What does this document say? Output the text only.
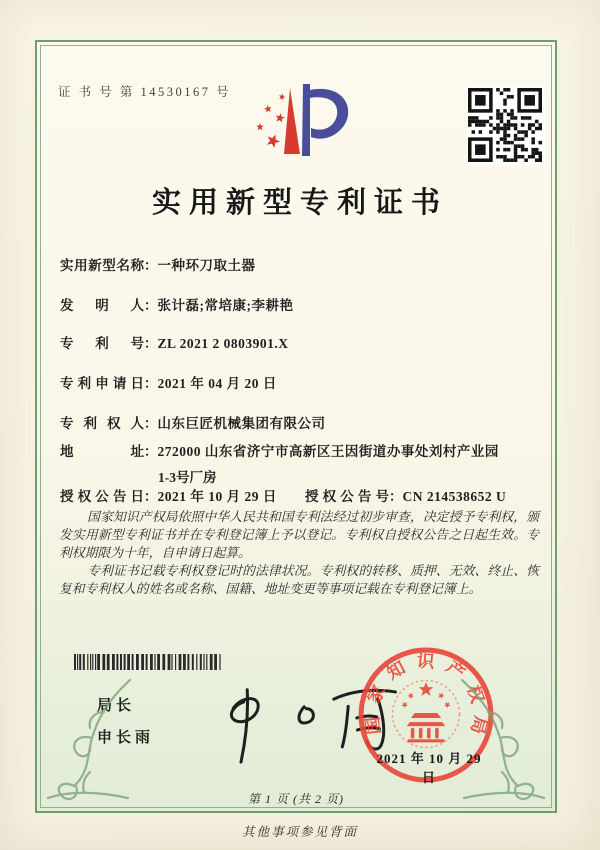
证 书 号 第 14530167 号
实用新型专利证书
实用新型名称：一种环刀取土器
发明人：张计磊;常培康;李耕艳
专利号：ZL 2021 2 0803901.X
专利申请日：2021 年 04 月 20 日
专利权人：山东巨匠机械集团有限公司
地址：272000 山东省济宁市高新区王因街道办事处刘村产业园
1-3号厂房
授权公告日：2021 年 10 月 29 日 授权公告号：CN 214538652 U

国家知识产权局依照中华人民共和国专利法经过初步审查，决定授予专利权，颁发实用新型专利证书并在专利登记簿上予以登记。专利权自授权公告之日起生效。专利权期限为十年，自申请日起算。

专利证书记载专利权登记时的法律状况。专利权的转移、质押、无效、终止、恢复和专利权人的姓名或名称、国籍、地址变更等事项记载在专利登记簿上。

局长
申长雨
国家知识产权局
2021 年 10 月 29 日
第 1 页 (共 2 页)
其他事项参见背面
